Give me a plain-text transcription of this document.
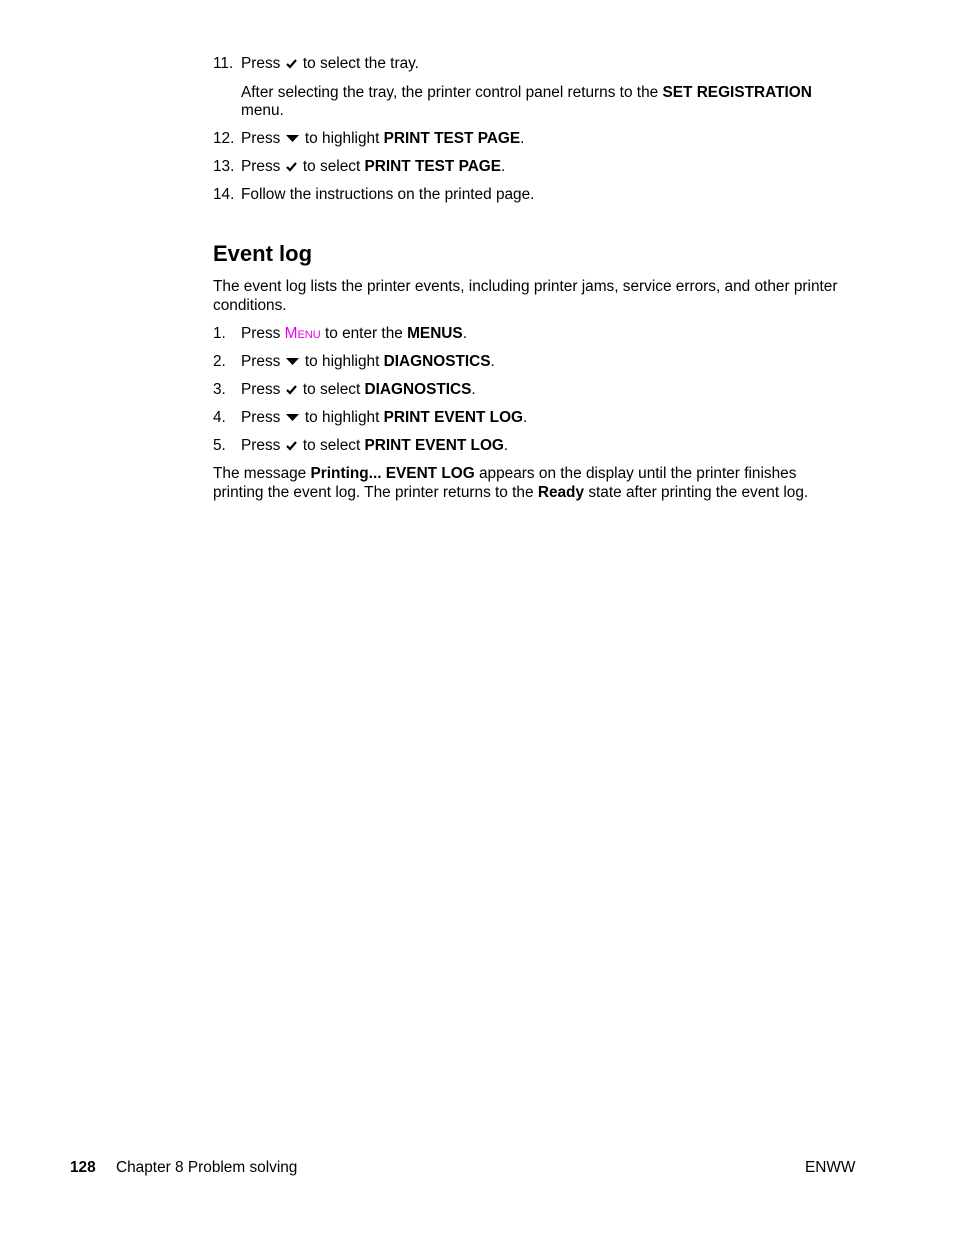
11. Press to select the tray.
After selecting the tray, the printer control panel returns to the SET REGISTRATION
menu.
12. Press to highlight PRINT TEST PAGE.
13. Press to select PRINT TEST PAGE.
14. Follow the instructions on the printed page.
Event log
The event log lists the printer events, including printer jams, service errors, and other printer
conditions.
1. Press Menu to enter the MENUS.
2. Press to highlight DIAGNOSTICS.
3. Press to select DIAGNOSTICS.
4. Press to highlight PRINT EVENT LOG.
5. Press to select PRINT EVENT LOG.
The message Printing... EVENT LOG appears on the display until the printer finishes
printing the event log. The printer returns to the Ready state after printing the event log.
128 Chapter 8 Problem solving	ENWW
